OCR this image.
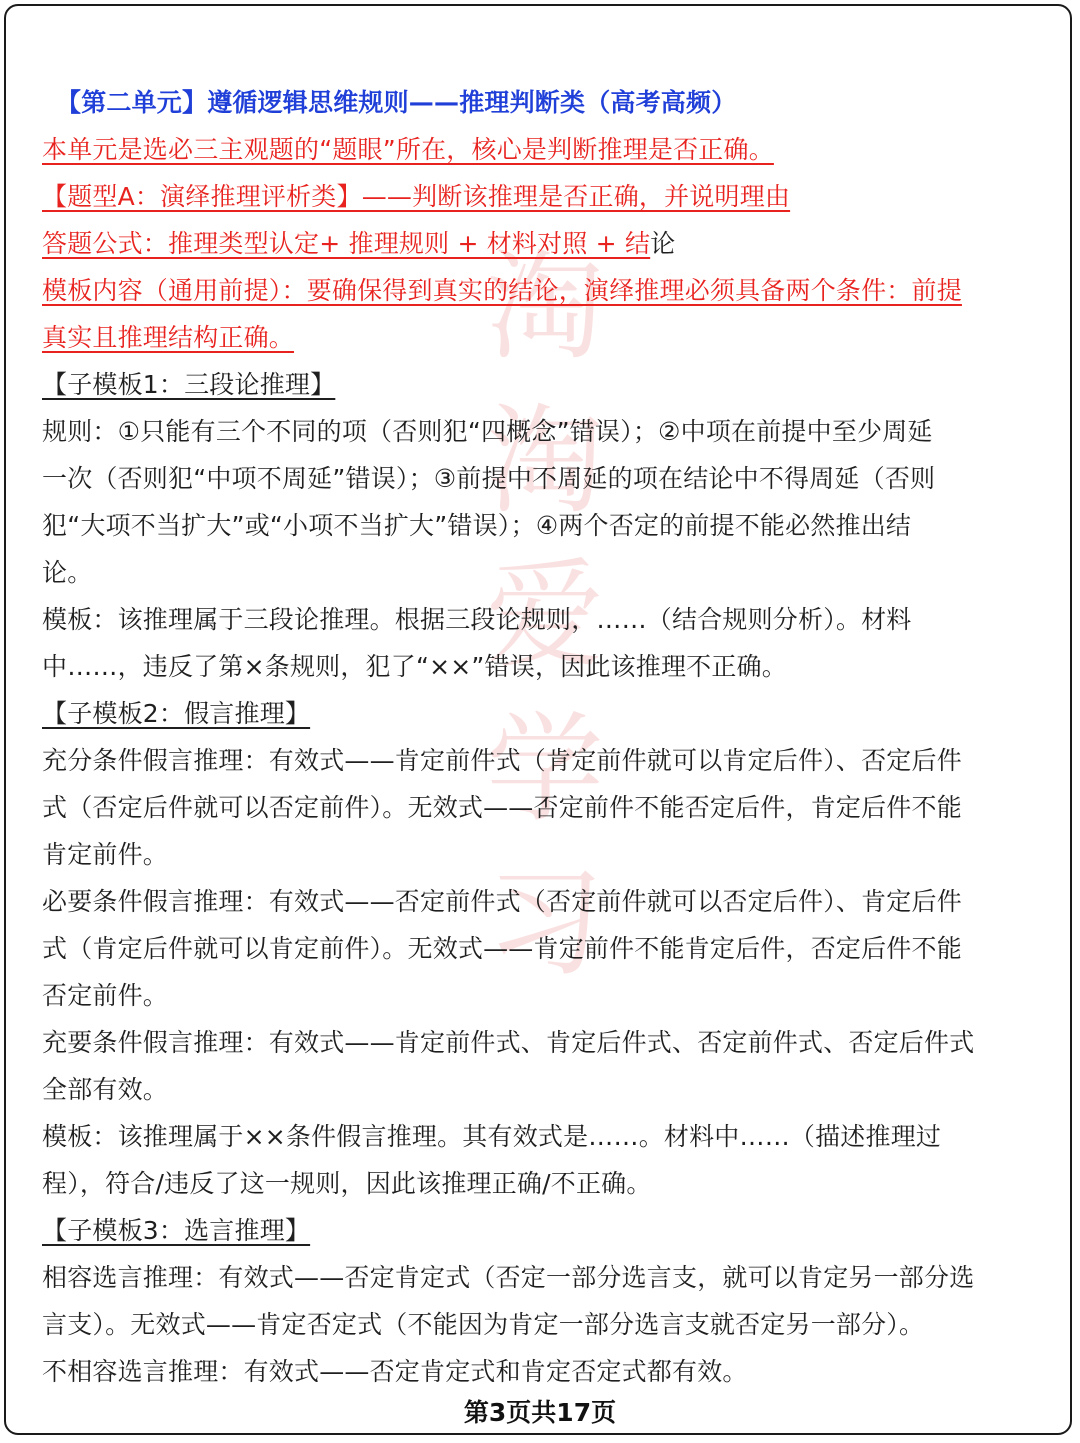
淘
淘
爱
学
习
【第二单元】遵循逻辑思维规则——推理判断类（高考高频）
本单元是选必三主观题的“题眼”所在，核心是判断推理是否正确。
【题型A：演绎推理评析类】——判断该推理是否正确，并说明理由
答题公式：推理类型认定+ 推理规则 + 材料对照 + 结论
模板内容（通用前提）：要确保得到真实的结论，演绎推理必须具备两个条件：前提
真实且推理结构正确。
【子模板1：三段论推理】
规则：①只能有三个不同的项（否则犯“四概念”错误）；②中项在前提中至少周延
一次（否则犯“中项不周延”错误）；③前提中不周延的项在结论中不得周延（否则
犯“大项不当扩大”或“小项不当扩大”错误）；④两个否定的前提不能必然推出结
论。
模板：该推理属于三段论推理。根据三段论规则，……（结合规则分析）。材料
中……，违反了第×条规则，犯了“××”错误，因此该推理不正确。
【子模板2：假言推理】
充分条件假言推理：有效式——肯定前件式（肯定前件就可以肯定后件）、否定后件
式（否定后件就可以否定前件）。无效式——否定前件不能否定后件，肯定后件不能
肯定前件。
必要条件假言推理：有效式——否定前件式（否定前件就可以否定后件）、肯定后件
式（肯定后件就可以肯定前件）。无效式——肯定前件不能肯定后件，否定后件不能
否定前件。
充要条件假言推理：有效式——肯定前件式、肯定后件式、否定前件式、否定后件式
全部有效。
模板：该推理属于××条件假言推理。其有效式是……。材料中……（描述推理过
程），符合/违反了这一规则，因此该推理正确/不正确。
【子模板3：选言推理】
相容选言推理：有效式——否定肯定式（否定一部分选言支，就可以肯定另一部分选
言支）。无效式——肯定否定式（不能因为肯定一部分选言支就否定另一部分）。
不相容选言推理：有效式——否定肯定式和肯定否定式都有效。
第3页共17页
